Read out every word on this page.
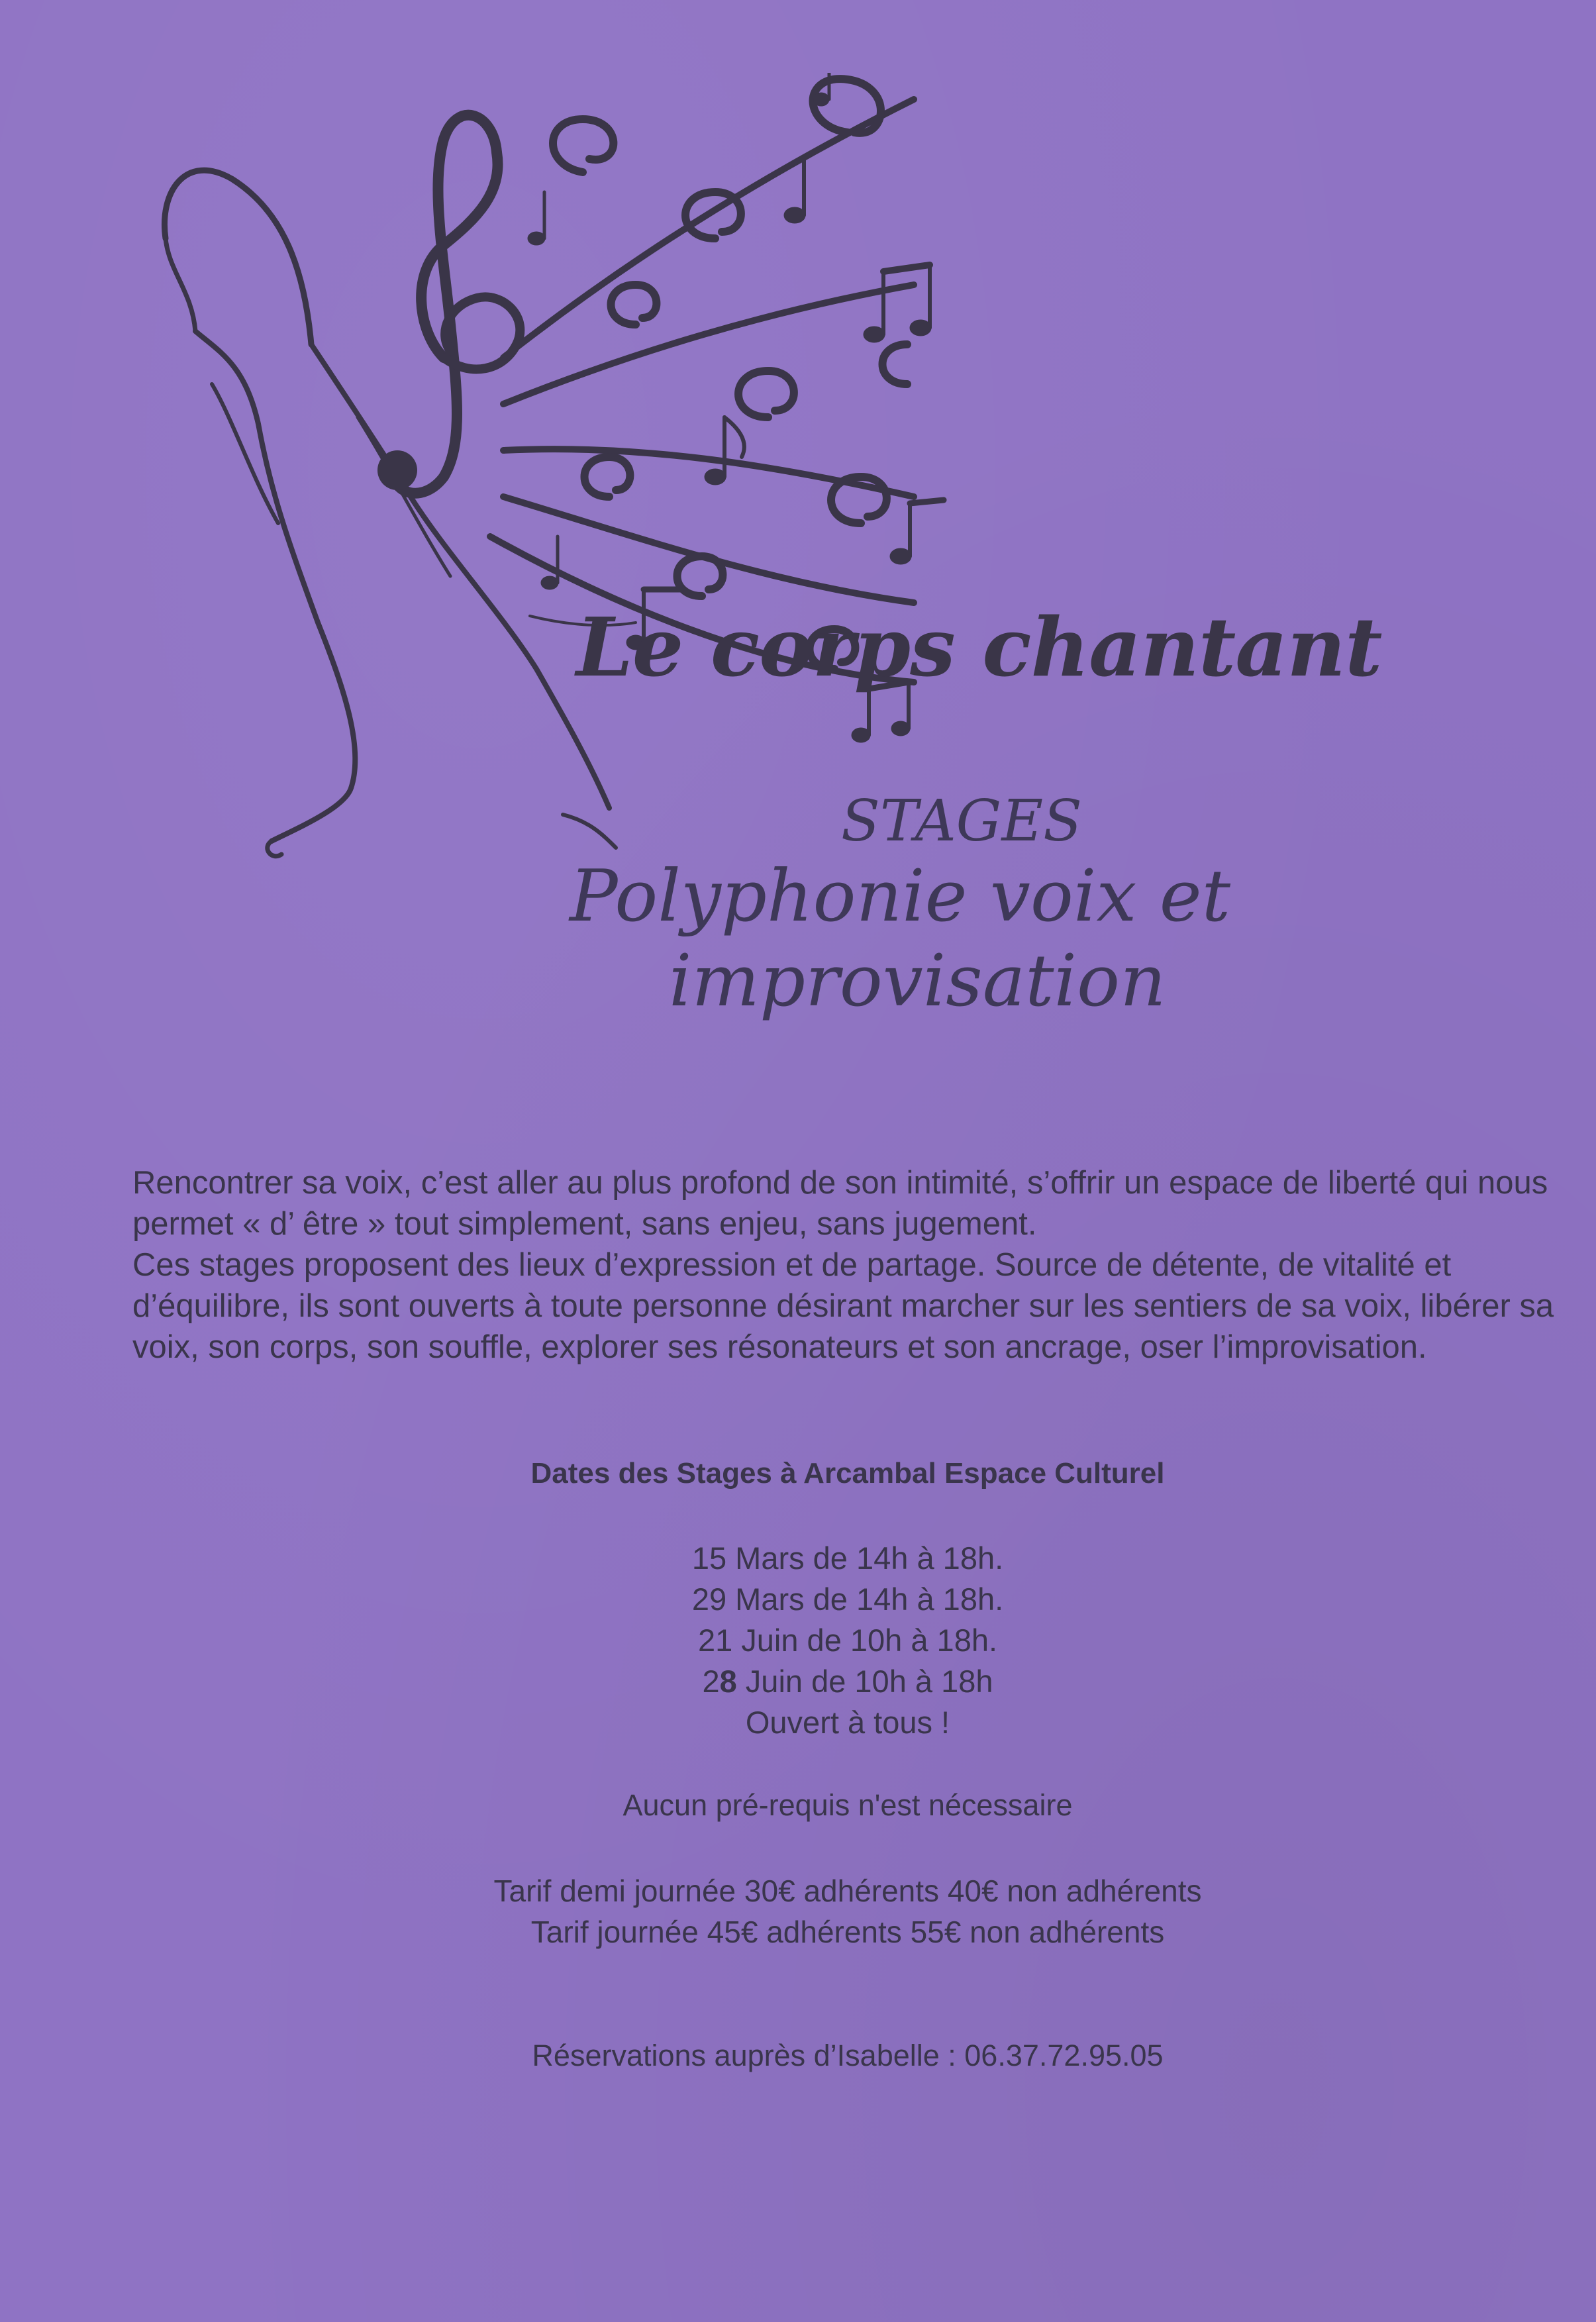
Le corps chantant
STAGES
Polyphonie voix et
improvisation

Rencontrer sa voix, c’est aller au plus profond de son intimité, s’offrir un espace de liberté qui nous permet « d’ être » tout simplement, sans enjeu, sans jugement.

Ces stages proposent des lieux d’expression et de partage. Source de détente, de vitalité et d’équilibre, ils sont ouverts à toute personne désirant marcher sur les sentiers de sa voix, libérer sa voix, son corps, son souffle, explorer ses résonateurs et son ancrage, oser l’improvisation.

Dates des Stages à Arcambal Espace Culturel
15 Mars de 14h à 18h.
29 Mars de 14h à 18h.
21 Juin de 10h à 18h.
28 Juin de 10h à 18h
Ouvert à tous !
Aucun pré-requis n'est nécessaire
Tarif demi journée 30€ adhérents 40€ non adhérents
Tarif journée 45€ adhérents 55€ non adhérents
Réservations auprès d’Isabelle : 06.37.72.95.05
